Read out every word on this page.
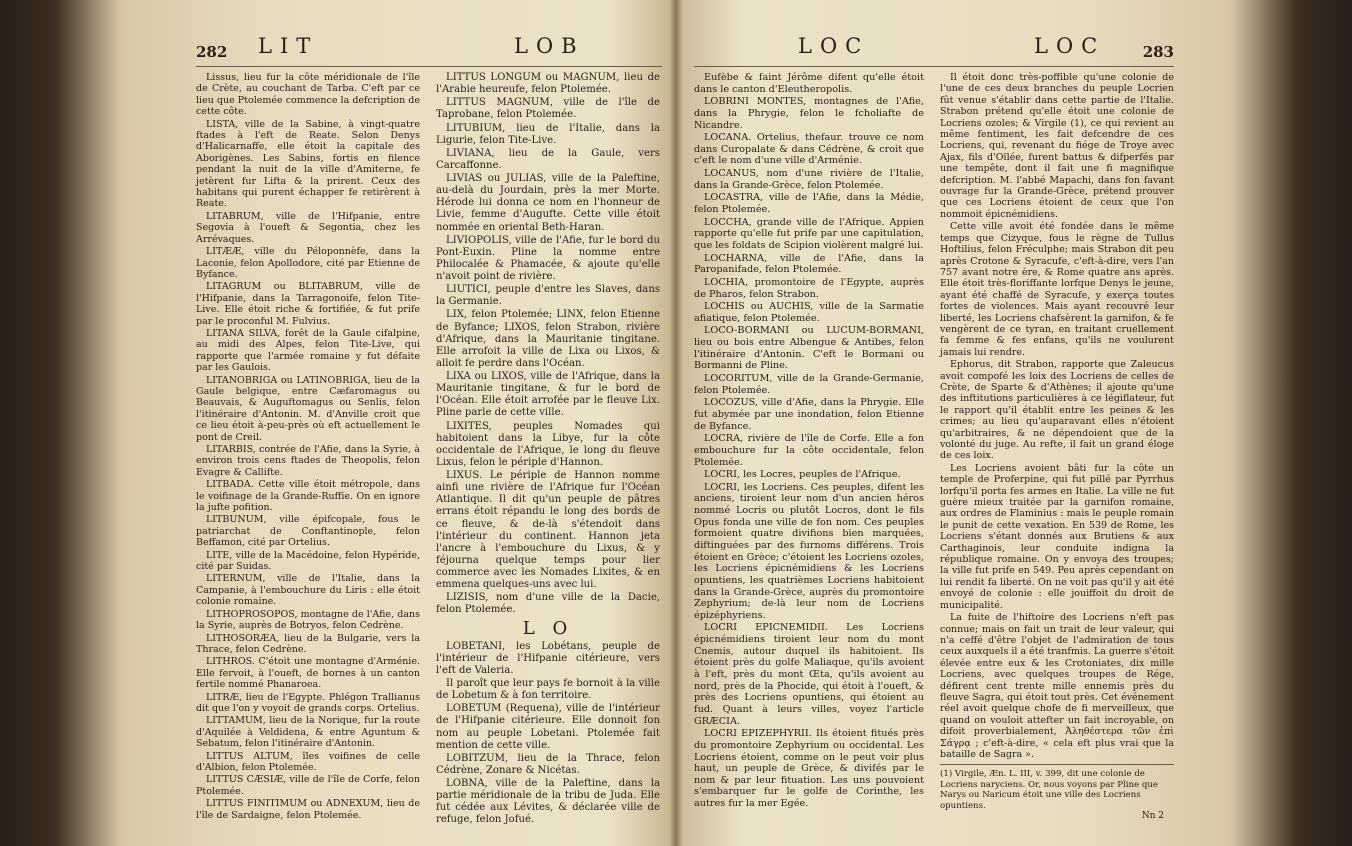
282 LIT	LOB

Lissus, lieu fur la côte méridionale de l'île de Crète, au couchant de Tarba. C'eft par ce lieu que Ptolemée commence la defcription de cette côte.

LISTA, ville de la Sabine, à vingt-quatre ftades à l'eft de Reate. Selon Denys d'Halicarnaffe, elle étoit la capitale des Aborigènes. Les Sabins, fortis en filence pendant la nuit de la ville d'Amiterne, fe jetèrent fur Lifta & la prirent. Ceux des habitans qui purent échapper fe retirèrent à Reate.

LITABRUM, ville de l'Hifpanie, entre Segovia à l'oueft & Segontia, chez les Arrévaques.

LITÆÆ, ville du Péloponnèfe, dans la Laconie, felon Apollodore, cité par Etienne de Byfance.

LITAGRUM ou BLITABRUM, ville de l'Hifpanie, dans la Tarragonoife, felon Tite-Live. Elle étoit riche & fortifiée, & fut prife par le proconful M. Fulvius.

LITANA SILVA, forêt de la Gaule cifalpine, au midi des Alpes, felon Tite-Live, qui rapporte que l'armée romaine y fut défaite par les Gaulois.

LITANOBRIGA ou LATINOBRIGA, lieu de la Gaule belgique, entre Cæfaromagus ou Beauvais, & Auguftomagus ou Senlis, felon l'itinéraire d'Antonin. M. d'Anville croit que ce lieu étoit à-peu-près où eft actuellement le pont de Creil.

LITARBIS, contrée de l'Afie, dans la Syrie, à environ trois cens ftades de Theopolis, felon Evagre & Callifte.

LITBADA. Cette ville étoit métropole, dans le voifinage de la Grande-Ruffie. On en ignore la jufte pofition.

LITBUNUM, ville épifcopale, fous le patriarchat de Conftantinople, felon Beffamon, cité par Ortelius.

LITE, ville de la Macédoine, felon Hypéride, cité par Suidas.

LITERNUM, ville de l'Italie, dans la Campanie, à l'embouchure du Liris : elle étoit colonie romaine.

LITHOPROSOPOS, montagne de l'Afie, dans la Syrie, auprès de Botryos, felon Cedrène.

LITHOSORÆA, lieu de la Bulgarie, vers la Thrace, felon Cedrène.

LITHROS. C'étoit une montagne d'Arménie. Elle fervoit, à l'oueft, de bornes à un canton fertile nommé Phanaroea.

LITRÆ, lieu de l'Egypte. Phlégon Trallianus dit que l'on y voyoit de grands corps. Ortelius.

LITTAMUM, lieu de la Norique, fur la route d'Aquilée à Veldidena, & entre Aguntum & Sebatum, felon l'itinéraire d'Antonin.

LITTUS ALTUM, îles voifines de celle d'Albion, felon Ptolemée.

LITTUS CÆSIÆ, ville de l'île de Corfe, felon Ptolemée.

LITTUS FINITIMUM ou ADNEXUM, lieu de l'île de Sardaigne, felon Ptolemée.

LITTUS LONGUM ou MAGNUM, lieu de l'Arabie heureufe, felon Ptolemée.

LITTUS MAGNUM, ville de l'île de Taprobane, felon Ptolemée.

LITUBIUM, lieu de l'Italie, dans la Ligurie, felon Tite-Live.

LIVIANA, lieu de la Gaule, vers Carcaffonne.

LIVIAS ou JULIAS, ville de la Paleftine, au-delà du Jourdain, près la mer Morte. Hérode lui donna ce nom en l'honneur de Livie, femme d'Augufte. Cette ville étoit nommée en oriental Beth-Haran.

LIVIOPOLIS, ville de l'Afie, fur le bord du Pont-Euxin. Pline la nomme entre Philocalée & Phamacée, & ajoute qu'elle n'avoit point de rivière.

LIUTICI, peuple d'entre les Slaves, dans la Germanie.

LIX, felon Ptolemée; LINX, felon Etienne de Byfance; LIXOS, felon Strabon, rivière d'Afrique, dans la Mauritanie tingitane. Elle arrofoit la ville de Lixa ou Lixos, & alloit fe perdre dans l'Océan.

LIXA ou LIXOS, ville de l'Afrique, dans la Mauritanie tingitane, & fur le bord de l'Océan. Elle étoit arrofée par le fleuve Lix. Pline parle de cette ville.

LIXITES, peuples Nomades qui habitoient dans la Libye, fur la côte occidentale de l'Afrique, le long du fleuve Lixus, felon le périple d'Hannon.

LIXUS. Le périple de Hannon nomme ainfi une rivière de l'Afrique fur l'Océan Atlantique. Il dit qu'un peuple de pâtres errans étoit répandu le long des bords de ce fleuve, & de-là s'étendoit dans l'intérieur du continent. Hannon jeta l'ancre à l'embouchure du Lixus, & y féjourna quelque temps pour lier commerce avec les Nomades Lixites, & en emmena quelques-uns avec lui.

LIZISIS, nom d'une ville de la Dacie, felon Ptolemée.

L O

LOBETANI, les Lobétans, peuple de l'intérieur de l'Hifpanie citérieure, vers l'eft de Valeria.

Il paroît que leur pays fe bornoit à la ville de Lobetum & à fon territoire.

LOBETUM (Requena), ville de l'intérieur de l'Hifpanie citérieure. Elle donnoit fon nom au peuple Lobetani. Ptolemée fait mention de cette ville.

LOBITZUM, lieu de la Thrace, felon Cédrène, Zonare & Nicétas.

LOBNA, ville de la Paleftine, dans la partie méridionale de la tribu de Juda. Elle fut cédée aux Lévites, & déclarée ville de refuge, felon Jofué.

LOC	LOC 283

Eufèbe & faint Jérôme difent qu'elle étoit dans le canton d'Eleutheropolis.

LOBRINI MONTES, montagnes de l'Afie, dans la Phrygie, felon le fcholiafte de Nicandre.

LOCANA. Ortelius, thefaur. trouve ce nom dans Curopalate & dans Cédrène, & croit que c'eft le nom d'une ville d'Arménie.

LOCANUS, nom d'une rivière de l'Italie, dans la Grande-Grèce, felon Ptolemée.

LOCASTRA, ville de l'Afie, dans la Médie, felon Ptolemée.

LOCCHA, grande ville de l'Afrique. Appien rapporte qu'elle fut prife par une capitulation, que les foldats de Scipion violèrent malgré lui.

LOCHARNA, ville de l'Afie, dans la Paropanifade, felon Ptolemée.

LOCHIA, promontoire de l'Egypte, auprès de Pharos, felon Strabon.

LOCHIS ou AUCHIS, ville de la Sarmatie afiatique, felon Ptolemée.

LOCO-BORMANI ou LUCUM-BORMANI, lieu ou bois entre Albengue & Antibes, felon l'itinéraire d'Antonin. C'eft le Bormani ou Bormanni de Pline.

LOCORITUM, ville de la Grande-Germanie, felon Ptolemée.

LOCOZUS, ville d'Afie, dans la Phrygie. Elle fut abymée par une inondation, felon Etienne de Byfance.

LOCRA, rivière de l'île de Corfe. Elle a fon embouchure fur la côte occidentale, felon Ptolemée.

LOCRI, les Locres, peuples de l'Afrique.

LOCRI, les Locriens. Ces peuples, difent les anciens, tiroient leur nom d'un ancien héros nommé Locris ou plutôt Locros, dont le fils Opus fonda une ville de fon nom. Ces peuples formoient quatre divifions bien marquées, diftinguées par des furnoms différens. Trois étoient en Grèce; c'étoient les Locriens ozoles, les Locriens épicnémidiens & les Locriens opuntiens, les quatrièmes Locriens habitoient dans la Grande-Grèce, auprès du promontoire Zephyrium; de-là leur nom de Locriens épizéphyriens.

LOCRI EPICNEMIDII. Les Locriens épicnémidiens tiroient leur nom du mont Cnemis, autour duquel ils habitoient. Ils étoient près du golfe Maliaque, qu'ils avoient à l'eft, près du mont Œta, qu'ils avoient au nord, près de la Phocide, qui étoit à l'oueft, & près des Locriens opuntiens, qui étoient au fud. Quant à leurs villes, voyez l'article GRÆCIA.

LOCRI EPIZEPHYRII. Ils étoient fitués près du promontoire Zephyrium ou occidental. Les Locriens étoient, comme on le peut voir plus haut, un peuple de Grèce, & divifés par le nom & par leur fituation. Les uns pouvoient s'embarquer fur le golfe de Corinthe, les autres fur la mer Egée.

Il étoit donc très-poffible qu'une colonie de l'une de ces deux branches du peuple Locrien fût venue s'établir dans cette partie de l'Italie. Strabon prétend qu'elle étoit une colonie de Locriens ozoles; & Virgile (1), ce qui revient au même fentiment, les fait defcendre de ces Locriens, qui, revenant du fiége de Troye avec Ajax, fils d'Oïlée, furent battus & difperfés par une tempête, dont il fait une fi magnifique defcription. M. l'abbé Mapachi, dans fon favant ouvrage fur la Grande-Grèce, prétend prouver que ces Locriens étoient de ceux que l'on nommoit épicnémidiens.

Cette ville avoit été fondée dans le même temps que Cizyque, fous le règne de Tullus Hoftilius, felon Fréculphe; mais Strabon dit peu après Crotone & Syracufe, c'eft-à-dire, vers l'an 757 avant notre ère, & Rome quatre ans après. Elle étoit très-floriffante lorfque Denys le jeune, ayant été chaffé de Syracufe, y exerça toutes fortes de violences. Mais ayant recouvré leur liberté, les Locriens chafsèrent la garnifon, & fe vengèrent de ce tyran, en traitant cruellement fa femme & fes enfans, qu'ils ne voulurent jamais lui rendre.

Ephorus, dit Strabon, rapporte que Zaleucus avoit compofé les loix des Locriens de celles de Crète, de Sparte & d'Athènes; il ajoute qu'une des inftitutions particulières à ce légiflateur, fut le rapport qu'il établit entre les peines & les crimes; au lieu qu'auparavant elles n'étoient qu'arbitraires, & ne dépendoient que de la volonté du juge. Au refte, il fait un grand éloge de ces loix.

Les Locriens avoient bâti fur la côte un temple de Proferpine, qui fut pillé par Pyrrhus lorfqu'il porta fes armes en Italie. La ville ne fut guère mieux traitée par la garnifon romaine, aux ordres de Flaminius : mais le peuple romain le punit de cette vexation. En 539 de Rome, les Locriens s'étant donnés aux Brutiens & aux Carthaginois, leur conduite indigna la république romaine. On y envoya des troupes; la ville fut prife en 549. Peu après cependant on lui rendit fa liberté. On ne voit pas qu'il y ait été envoyé de colonie : elle jouiffoit du droit de municipalité.

La fuite de l'hiftoire des Locriens n'eft pas connue; mais on fait un trait de leur valeur, qui n'a ceffé d'être l'objet de l'admiration de tous ceux auxquels il a été tranfmis. La guerre s'étoit élevée entre eux & les Crotoniates, dix mille Locriens, avec quelques troupes de Rége, défirent cent trente mille ennemis près du fleuve Sagra, qui étoit tout près. Cet événement réel avoit quelque chofe de fi merveilleux, que quand on vouloit attefter un fait incroyable, on difoit proverbialement, Ἀληθέστερα τῶν ἐπὶ Σάγρᾳ ; c'eft-à-dire, « cela eft plus vrai que la bataille de Sagra ».

(1) Virgile, Æn. L. III, v. 399, dit une colonie de Locriens naryciens. Or, nous voyons par Pline que Narys ou Naricum étoit une ville des Locriens opuntiens.
Nn 2
